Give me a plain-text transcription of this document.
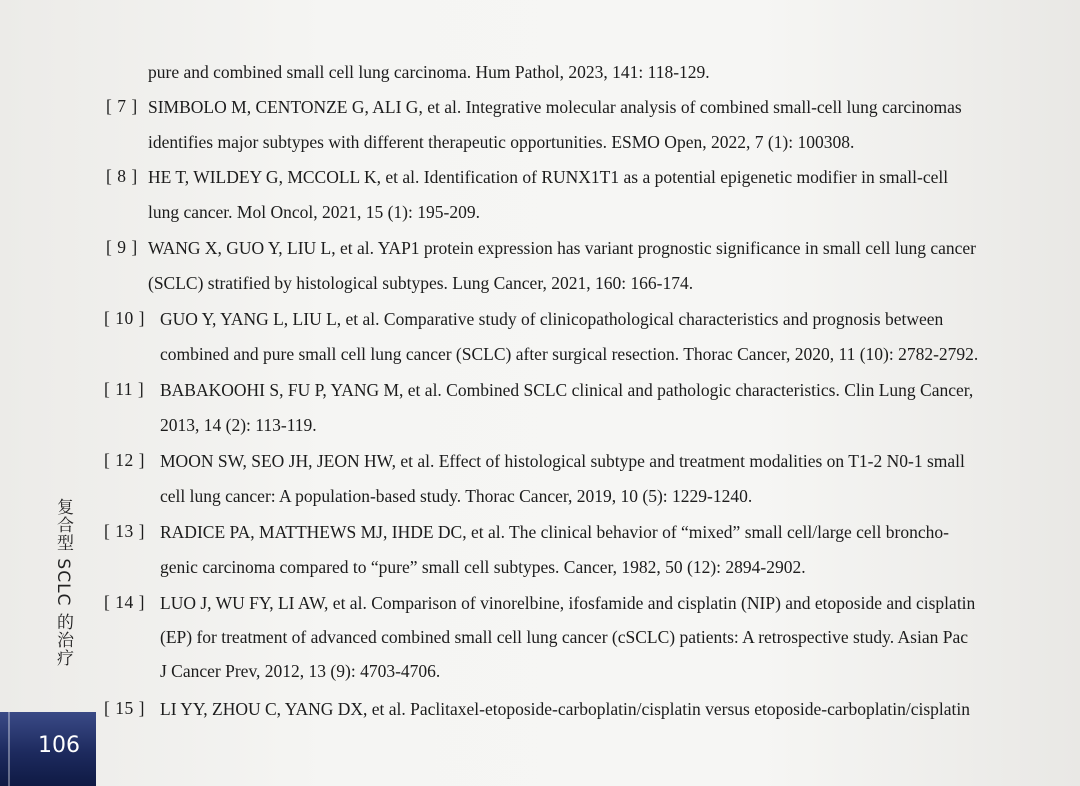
pure and combined small cell lung carcinoma. Hum Pathol, 2023, 141: 118-129.
[ 7 ] SIMBOLO M, CENTONZE G, ALI G, et al. Integrative molecular analysis of combined small-cell lung carcinomas
identifies major subtypes with different therapeutic opportunities. ESMO Open, 2022, 7 (1): 100308.
[ 8 ] HE T, WILDEY G, MCCOLL K, et al. Identification of RUNX1T1 as a potential epigenetic modifier in small-cell
lung cancer. Mol Oncol, 2021, 15 (1): 195-209.
[ 9 ] WANG X, GUO Y, LIU L, et al. YAP1 protein expression has variant prognostic significance in small cell lung cancer
(SCLC) stratified by histological subtypes. Lung Cancer, 2021, 160: 166-174.
[ 10 ] GUO Y, YANG L, LIU L, et al. Comparative study of clinicopathological characteristics and prognosis between
combined and pure small cell lung cancer (SCLC) after surgical resection. Thorac Cancer, 2020, 11 (10): 2782-2792.
[ 11 ] BABAKOOHI S, FU P, YANG M, et al. Combined SCLC clinical and pathologic characteristics. Clin Lung Cancer,
2013, 14 (2): 113-119.
[ 12 ] MOON SW, SEO JH, JEON HW, et al. Effect of histological subtype and treatment modalities on T1-2 N0-1 small
cell lung cancer: A population-based study. Thorac Cancer, 2019, 10 (5): 1229-1240.
[ 13 ] RADICE PA, MATTHEWS MJ, IHDE DC, et al. The clinical behavior of “mixed” small cell/large cell broncho-
genic carcinoma compared to “pure” small cell subtypes. Cancer, 1982, 50 (12): 2894-2902.
[ 14 ] LUO J, WU FY, LI AW, et al. Comparison of vinorelbine, ifosfamide and cisplatin (NIP) and etoposide and cisplatin
(EP) for treatment of advanced combined small cell lung cancer (cSCLC) patients: A retrospective study. Asian Pac
J Cancer Prev, 2012, 13 (9): 4703-4706.
[ 15 ] LI YY, ZHOU C, YANG DX, et al. Paclitaxel-etoposide-carboplatin/cisplatin versus etoposide-carboplatin/cisplatin
复合型 SCLC 的治疗
106
